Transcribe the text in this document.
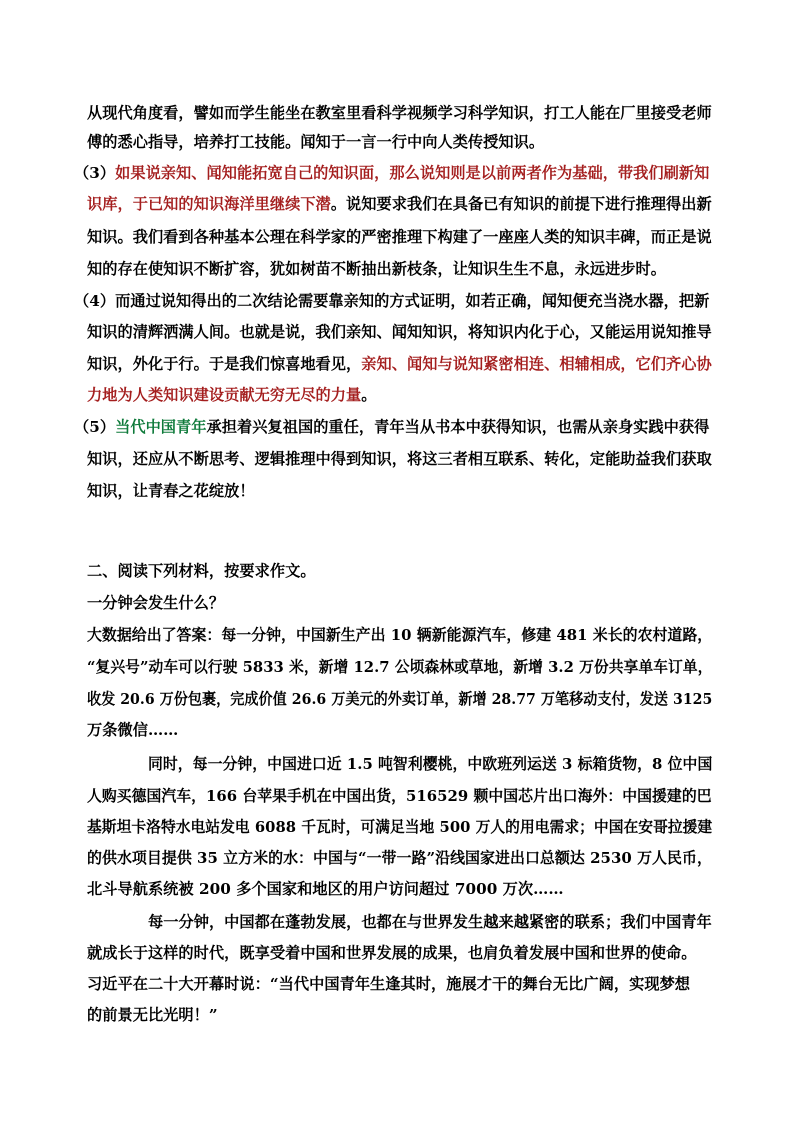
从现代角度看，譬如而学生能坐在教室里看科学视频学习科学知识，打工人能在厂里接受老师
傅的悉心指导，培养打工技能。闻知于一言一行中向人类传授知识。
（3）如果说亲知、闻知能拓宽自己的知识面，那么说知则是以前两者作为基础，带我们刷新知
识库，于已知的知识海洋里继续下潜。说知要求我们在具备已有知识的前提下进行推理得出新
知识。我们看到各种基本公理在科学家的严密推理下构建了一座座人类的知识丰碑，而正是说
知的存在使知识不断扩容，犹如树苗不断抽出新枝条，让知识生生不息，永远进步时。
（4）而通过说知得出的二次结论需要靠亲知的方式证明，如若正确，闻知便充当浇水器，把新
知识的清辉洒满人间。也就是说，我们亲知、闻知知识，将知识内化于心，又能运用说知推导
知识，外化于行。于是我们惊喜地看见，亲知、闻知与说知紧密相连、相辅相成，它们齐心协
力地为人类知识建设贡献无穷无尽的力量。
（5）当代中国青年承担着兴复祖国的重任，青年当从书本中获得知识，也需从亲身实践中获得
知识，还应从不断思考、逻辑推理中得到知识，将这三者相互联系、转化，定能助益我们获取
知识，让青春之花绽放！
二、阅读下列材料，按要求作文。
一分钟会发生什么？
大数据给出了答案：每一分钟，中国新生产出 10 辆新能源汽车，修建 481 米长的农村道路，
“复兴号”动车可以行驶 5833 米，新增 12.7 公顷森林或草地，新增 3.2 万份共享单车订单，
收发 20.6 万份包裹，完成价值 26.6 万美元的外卖订单，新增 28.77 万笔移动支付，发送 3125
万条微信……
同时，每一分钟，中国进口近 1.5 吨智利樱桃，中欧班列运送 3 标箱货物，8 位中国
人购买德国汽车，166 台苹果手机在中国出货，516529 颗中国芯片出口海外：中国援建的巴
基斯坦卡洛特水电站发电 6088 千瓦时，可满足当地 500 万人的用电需求；中国在安哥拉援建
的供水项目提供 35 立方米的水：中国与“一带一路”沿线国家进出口总额达 2530 万人民币，
北斗导航系统被 200 多个国家和地区的用户访问超过 7000 万次……
每一分钟，中国都在蓬勃发展，也都在与世界发生越来越紧密的联系；我们中国青年
就成长于这样的时代，既享受着中国和世界发展的成果，也肩负着发展中国和世界的使命。
习近平在二十大开幕时说：“当代中国青年生逢其时，施展才干的舞台无比广阔，实现梦想
的前景无比光明！”
